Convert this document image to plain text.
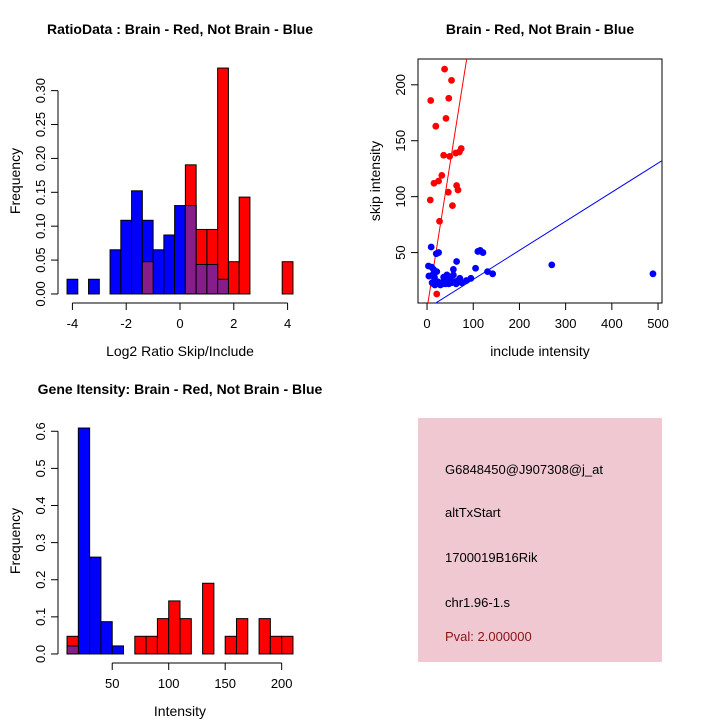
RatioData : Brain - Red, Not Brain - Blue
-4	-2	0	2	4
Log2 Ratio Skip/Include
0.00
0.05
0.10
0.15
0.20
0.25
0.30
Frequency
Brain - Red, Not Brain - Blue
0 100 200 300 400 500
include intensity
50
100
150
200
skip intensity
Gene Itensity: Brain - Red, Not Brain - Blue
50	100	150	200
Intensity
0.0
0.1
0.2
0.3
0.4
0.5
0.6
Frequency
G6848450@J907308@j_at
altTxStart
1700019B16Rik
chr1.96-1.s
Pval: 2.000000
